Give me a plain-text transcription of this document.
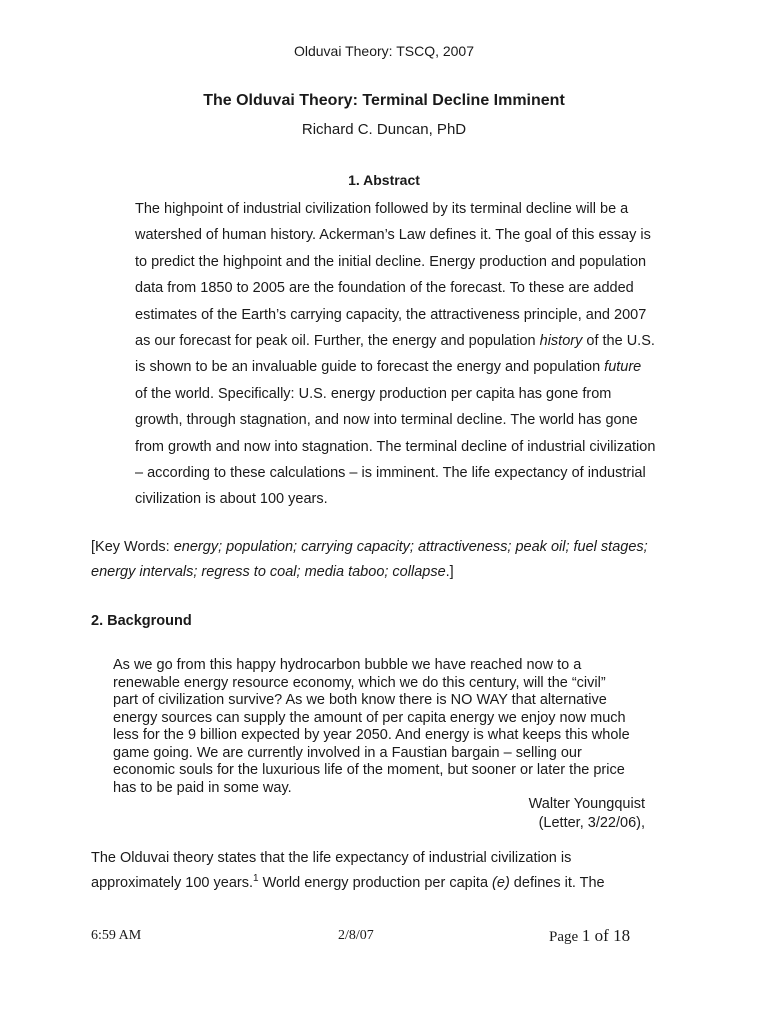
Olduvai Theory: TSCQ, 2007
The Olduvai Theory: Terminal Decline Imminent
Richard C. Duncan, PhD
1. Abstract
The highpoint of industrial civilization followed by its terminal decline will be a
watershed of human history. Ackerman’s Law defines it. The goal of this essay is
to predict the highpoint and the initial decline. Energy production and population
data from 1850 to 2005 are the foundation of the forecast. To these are added
estimates of the Earth’s carrying capacity, the attractiveness principle, and 2007
as our forecast for peak oil. Further, the energy and population history of the U.S.
is shown to be an invaluable guide to forecast the energy and population future
of the world. Specifically: U.S. energy production per capita has gone from
growth, through stagnation, and now into terminal decline. The world has gone
from growth and now into stagnation. The terminal decline of industrial civilization
– according to these calculations – is imminent. The life expectancy of industrial
civilization is about 100 years.
[Key Words: energy; population; carrying capacity; attractiveness; peak oil; fuel stages;
energy intervals; regress to coal; media taboo; collapse.]
2. Background
As we go from this happy hydrocarbon bubble we have reached now to a
renewable energy resource economy, which we do this century, will the “civil”
part of civilization survive? As we both know there is NO WAY that alternative
energy sources can supply the amount of per capita energy we enjoy now much
less for the 9 billion expected by year 2050. And energy is what keeps this whole
game going. We are currently involved in a Faustian bargain – selling our
economic souls for the luxurious life of the moment, but sooner or later the price
has to be paid in some way.
Walter Youngquist
(Letter, 3/22/06),
The Olduvai theory states that the life expectancy of industrial civilization is
approximately 100 years.$^1$ World energy production per capita (e) defines it. The
6:59 AM	2/8/07	Page 1 of 18
